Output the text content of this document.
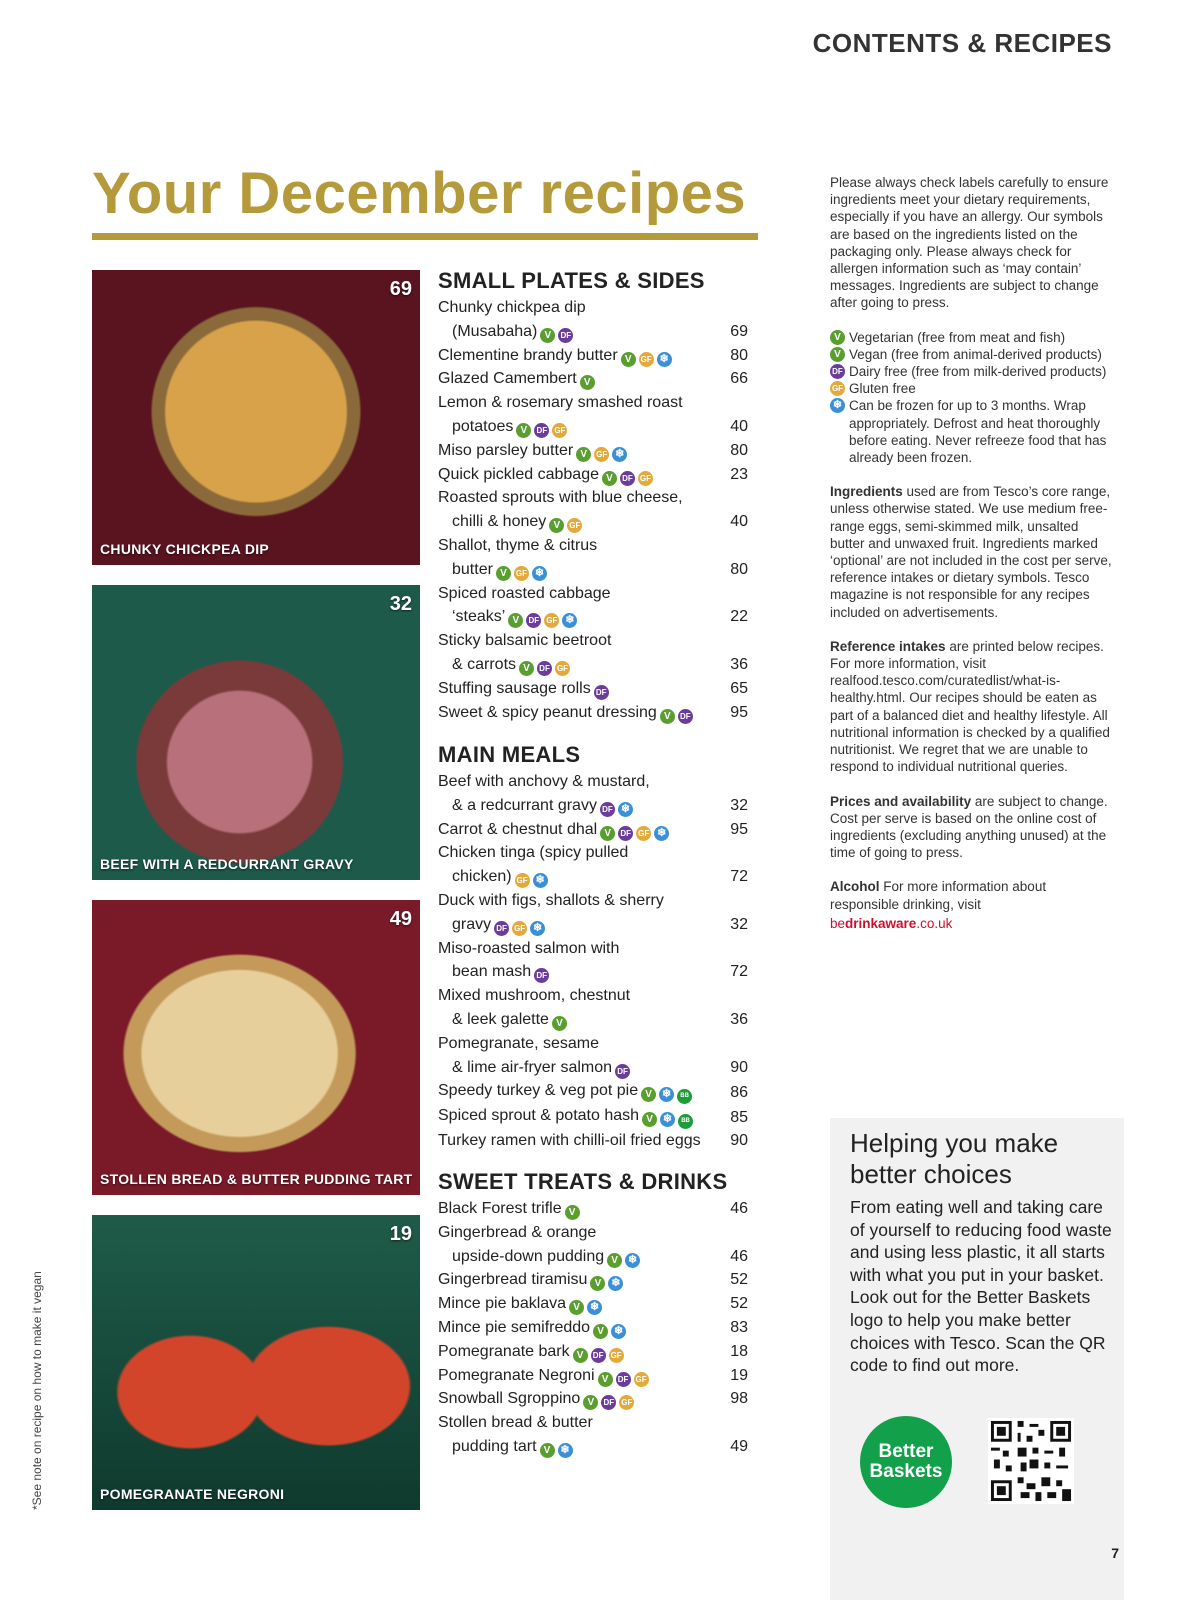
CONTENTS & RECIPES
Your December recipes
69
CHUNKY CHICKPEA DIP
32
BEEF WITH A REDCURRANT GRAVY
49
STOLLEN BREAD & BUTTER PUDDING TART
19
POMEGRANATE NEGRONI
SMALL PLATES & SIDES
Chunky chickpea dip
(Musabaha) V DF	69
Clementine brandy butter V GF ❄	80
Glazed Camembert V	66
Lemon & rosemary smashed roast
potatoes V DF GF	40
Miso parsley butter V GF ❄	80
Quick pickled cabbage V DF GF	23
Roasted sprouts with blue cheese,
chilli & honey V GF	40
Shallot, thyme & citrus
butter V GF ❄	80
Spiced roasted cabbage
‘steaks’ V DF GF ❄	22
Sticky balsamic beetroot
& carrots V DF GF	36
Stuffing sausage rolls DF	65
Sweet & spicy peanut dressing V DF	95
MAIN MEALS
Beef with anchovy & mustard,
& a redcurrant gravy DF ❄	32
Carrot & chestnut dhal V DF GF ❄	95
Chicken tinga (spicy pulled
chicken) GF ❄	72
Duck with figs, shallots & sherry
gravy DF GF ❄	32
Miso-roasted salmon with
bean mash DF	72
Mixed mushroom, chestnut
& leek galette V	36
Pomegranate, sesame
& lime air-fryer salmon DF	90
Speedy turkey & veg pot pie V ❄ BB	86
Spiced sprout & potato hash V ❄ BB	85
Turkey ramen with chilli-oil fried eggs	90
SWEET TREATS & DRINKS
Black Forest trifle V	46
Gingerbread & orange
upside-down pudding V ❄	46
Gingerbread tiramisu V ❄	52
Mince pie baklava V ❄	52
Mince pie semifreddo V ❄	83
Pomegranate bark V DF GF	18
Pomegranate Negroni V DF GF	19
Snowball Sgroppino V DF GF	98
Stollen bread & butter
pudding tart V ❄	49

Please always check labels carefully to ensure ingredients meet your dietary requirements, especially if you have an allergy. Our symbols are based on the ingredients listed on the packaging only. Please always check for allergen information such as ‘may contain’ messages. Ingredients are subject to change after going to press.

V Vegetarian (free from meat and fish)
V Vegan (free from animal-derived products)
DF Dairy free (free from milk-derived products)
GF Gluten free
❄ Can be frozen for up to 3 months. Wrap appropriately. Defrost and heat thoroughly before eating. Never refreeze food that has already been frozen.

Ingredients used are from Tesco’s core range, unless otherwise stated. We use medium free-range eggs, semi-skimmed milk, unsalted butter and unwaxed fruit. Ingredients marked ‘optional’ are not included in the cost per serve, reference intakes or dietary symbols. Tesco magazine is not responsible for any recipes included on advertisements.

Reference intakes are printed below recipes. For more information, visit realfood.tesco.com/curatedlist/what-is-healthy.html. Our recipes should be eaten as part of a balanced diet and healthy lifestyle. All nutritional information is checked by a qualified nutritionist. We regret that we are unable to respond to individual nutritional queries.

Prices and availability are subject to change. Cost per serve is based on the online cost of ingredients (excluding anything unused) at the time of going to press.

Alcohol For more information about responsible drinking, visit

bedrinkaware.co.uk
Helping you make better choices
From eating well and taking care of yourself to reducing food waste and using less plastic, it all starts with what you put in your basket. Look out for the Better Baskets logo to help you make better choices with Tesco. Scan the QR code to find out more.
Better
Baskets
*See note on recipe on how to make it vegan
7
